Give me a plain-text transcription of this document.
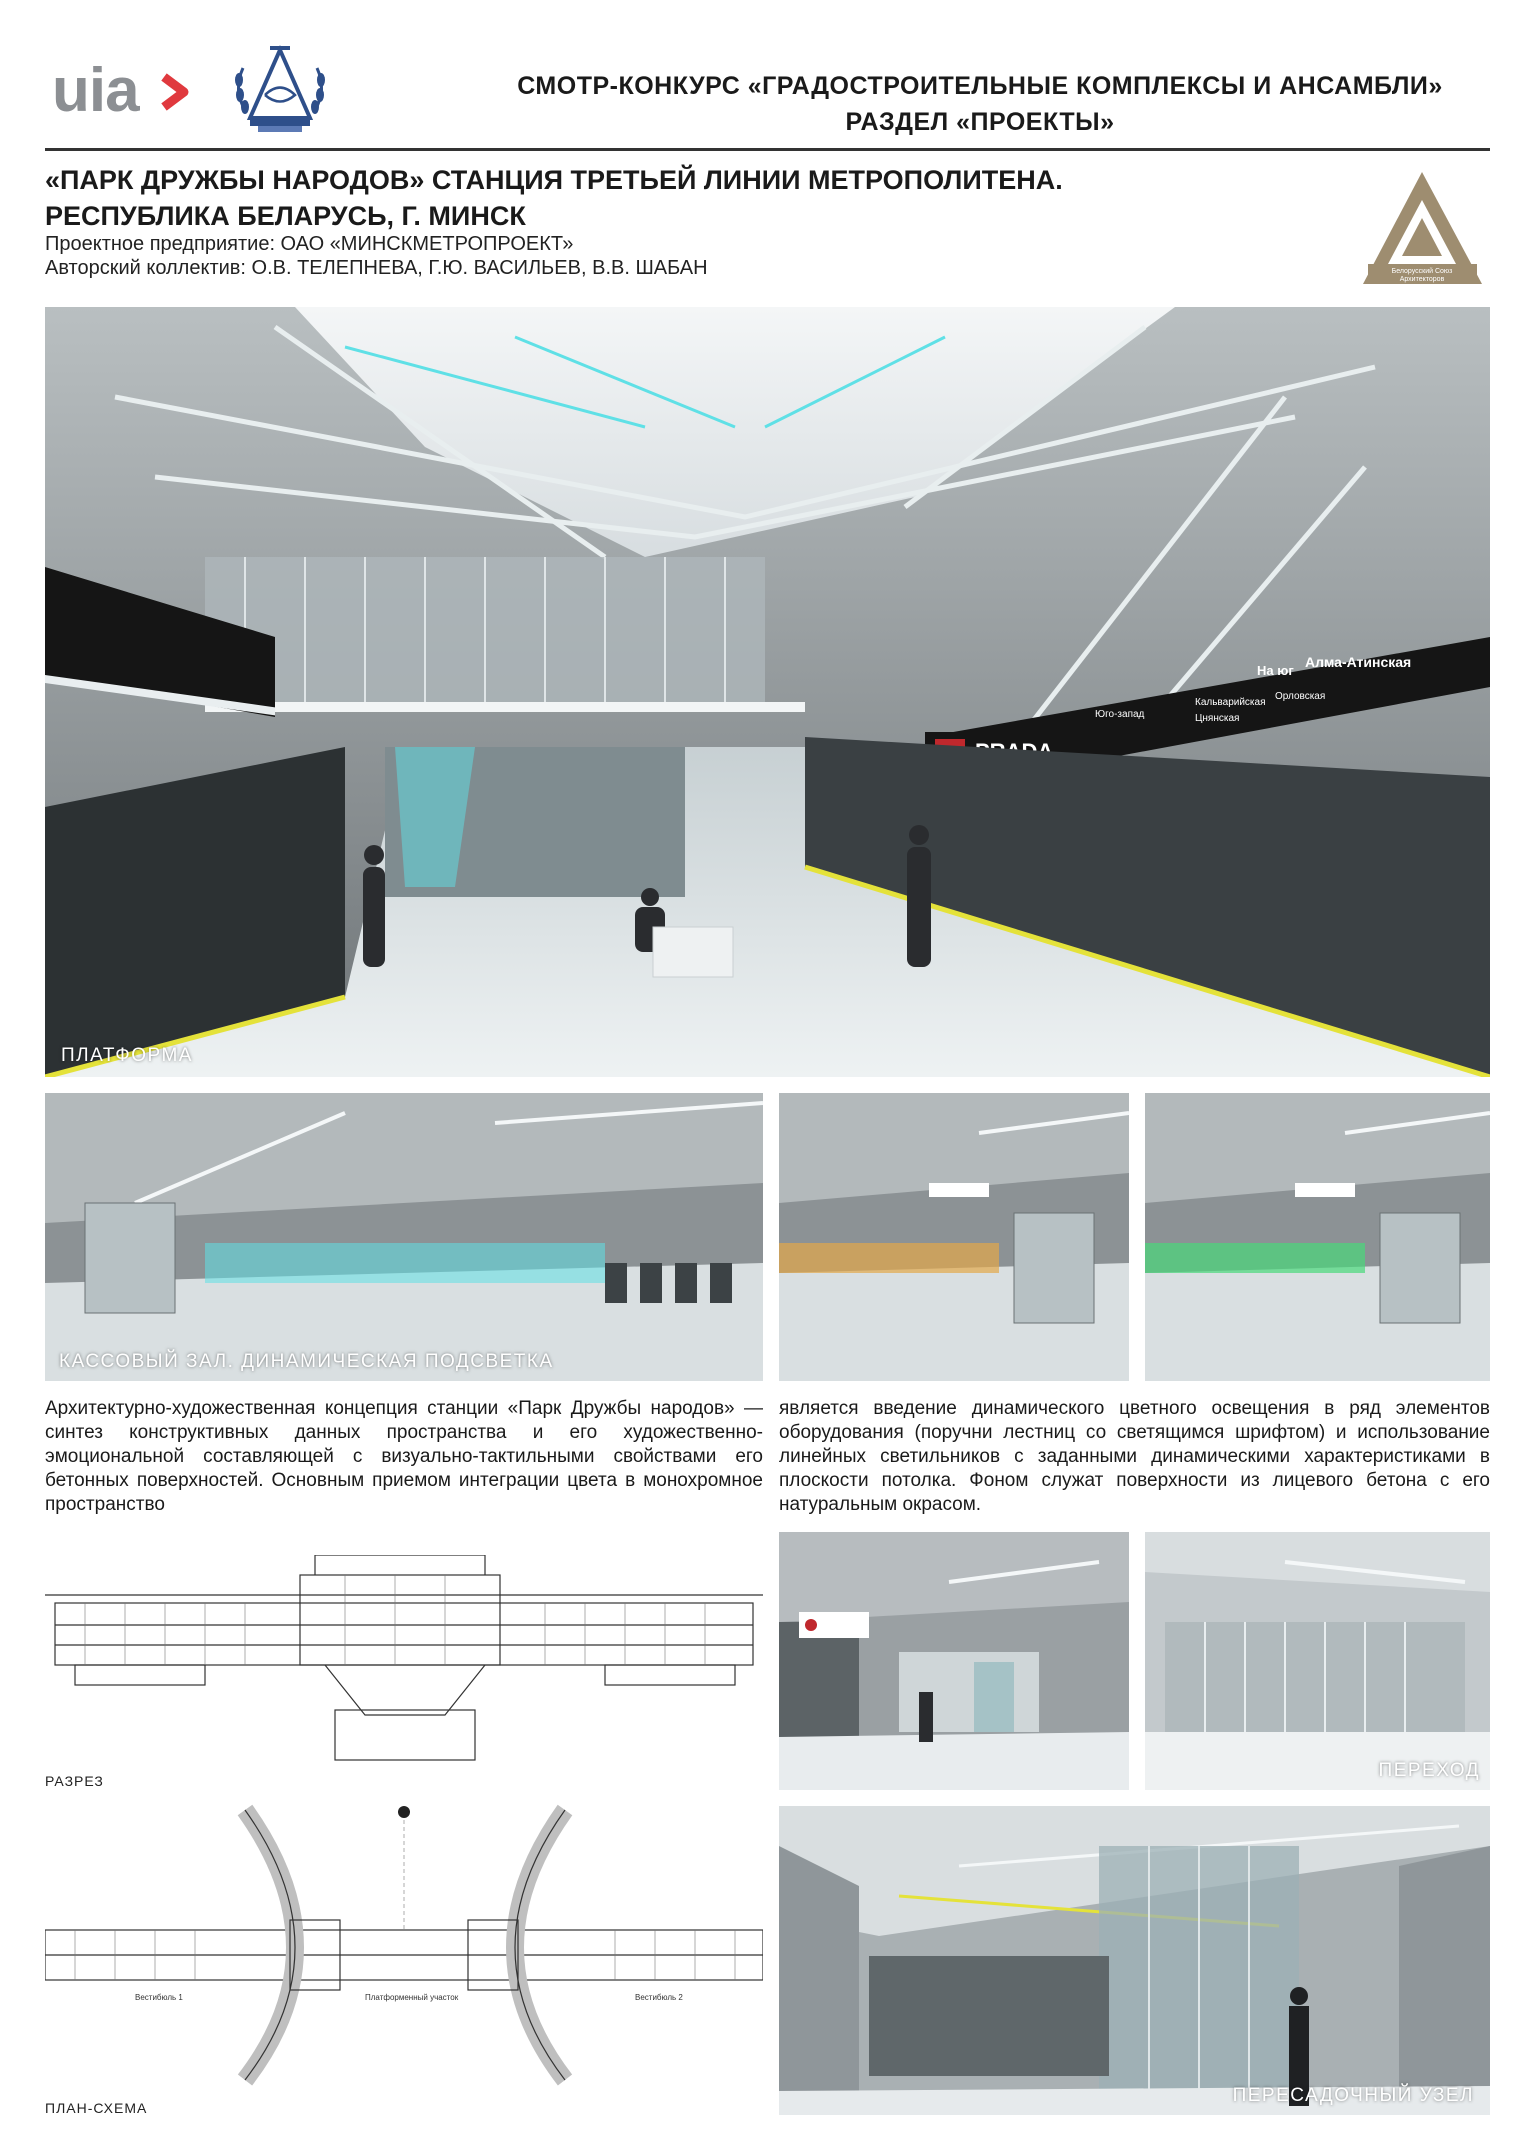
uia	СМОТР-КОНКУРС «ГРАДОСТРОИТЕЛЬНЫЕ КОМПЛЕКСЫ И АНСАМБЛИ»
РАЗДЕЛ «ПРОЕКТЫ»
«ПАРК ДРУЖБЫ НАРОДОВ» СТАНЦИЯ ТРЕТЬЕЙ ЛИНИИ МЕТРОПОЛИТЕНА.
РЕСПУБЛИКА БЕЛАРУСЬ, Г. МИНСК
Проектное предприятие: ОАО «МИНСКМЕТРОПРОЕКТ»
Авторский коллектив: О.В. ТЕЛЕПНЕВА, Г.Ю. ВАСИЛЬЕВ, В.В. ШАБАН	Белорусский Союз
Архитекторов
На юг
Алма-Атинская
Кальварийская
Цнянская
Орловская
Юго-запад
ПЛАТФОРМА
КАССОВЫЙ ЗАЛ. ДИНАМИЧЕСКАЯ ПОДСВЕТКА
Архитектурно-художественная концепция станции «Парк Дружбы народов» — синтез конструктивных данных пространства и его художественно-эмоциональной составляющей с визуально-тактильными свойствами его бетонных поверхностей. Основным приемом интеграции цвета в монохромное пространство
является введение динамического цветного освещения в ряд элементов оборудования (поручни лестниц со светящимся шрифтом) и использование линейных светильников с заданными динамическими характеристиками в плоскости потолка. Фоном служат поверхности из лицевого бетона с его натуральным окрасом.
РАЗРЕЗ
Вестибюль 1	Платформенный участок	Вестибюль 2
ПЛАН-СХЕМА
ПЕРЕХОД
ПЕРЕСАДОЧНЫЙ УЗЕЛ
